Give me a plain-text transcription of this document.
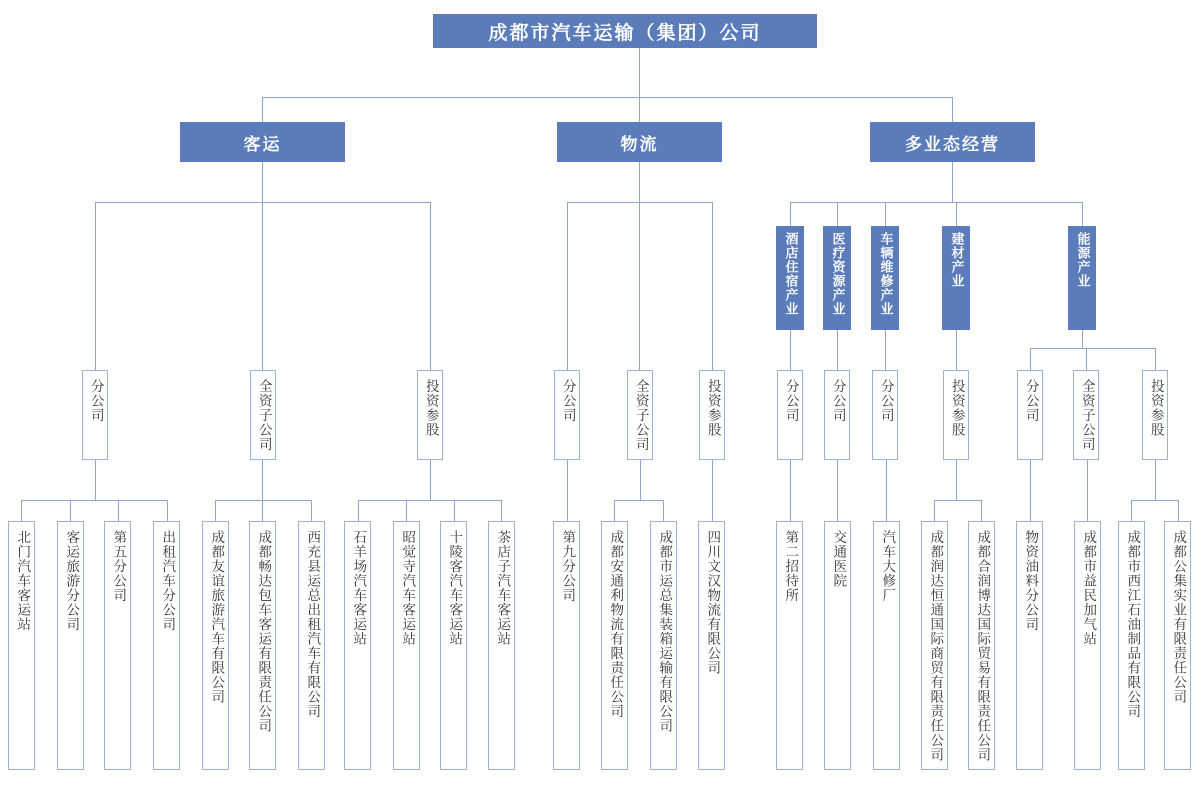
成都市汽车运输（集团）公司
客运	物流	多业态经营
酒店住宿产业 医疗资源产业	车辆维修产业	建材产业	能源产业
分公司	全资子公司	投资参股	分公司	全资子公司	投资参股	分公司 分公司 分公司	投资参股	分公司	全资子公司	投资参股
北门汽车客运站 客运旅游分公司 第五分公司 出租汽车分公司 成都友谊旅游汽车有限公司 成都畅达包车客运有限责任公司 西充县运总出租汽车有限公司 石羊场汽车客运站 昭觉寺汽车客运站 十陵客汽车客运站 茶店子汽车客运站	第九分公司 成都安通利物流有限责任公司 成都市运总集装箱运输有限公司 四川文汉物流有限公司	第二招待所 交通医院 汽车大修厂 成都润达恒通国际商贸有限责任公司 成都合润博达国际贸易有限责任公司 物资油料分公司	成都市益民加气站 成都市西江石油制品有限公司 成都公集实业有限责任公司
